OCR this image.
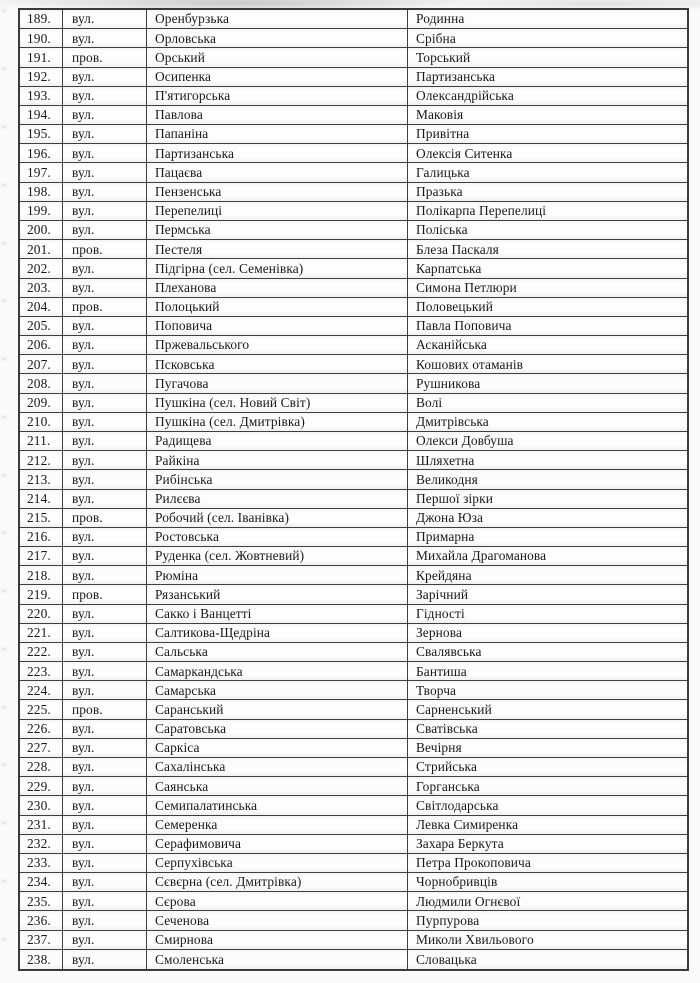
189.	вул.	Оренбурзька	Родинна
190.	вул.	Орловська	Срібна
191.	пров.	Орський	Торський
192.	вул.	Осипенка	Партизанська
193.	вул.	П'ятигорська	Олександрійська
194.	вул.	Павлова	Маковія
195.	вул.	Папаніна	Привітна
196.	вул.	Партизанська	Олексія Ситенка
197.	вул.	Пацаєва	Галицька
198.	вул.	Пензенська	Празька
199.	вул.	Перепелиці	Полікарпа Перепелиці
200.	вул.	Пермська	Поліська
201.	пров.	Пестеля	Блеза Паскаля
202.	вул.	Підгірна (сел. Семенівка)	Карпатська
203.	вул.	Плеханова	Симона Петлюри
204.	пров.	Полоцький	Половецький
205.	вул.	Поповича	Павла Поповича
206.	вул.	Пржевальського	Асканійська
207.	вул.	Псковська	Кошових отаманів
208.	вул.	Пугачова	Рушникова
209.	вул.	Пушкіна (сел. Новий Світ)	Волі
210.	вул.	Пушкіна (сел. Дмитрівка)	Дмитрівська
211.	вул.	Радищева	Олекси Довбуша
212.	вул.	Райкіна	Шляхетна
213.	вул.	Рибінська	Великодня
214.	вул.	Рилєєва	Першої зірки
215.	пров.	Робочий (сел. Іванівка)	Джона Юза
216.	вул.	Ростовська	Примарна
217.	вул.	Руденка (сел. Жовтневий)	Михайла Драгоманова
218.	вул.	Рюміна	Крейдяна
219.	пров.	Рязанський	Зарічний
220.	вул.	Сакко і Ванцетті	Гідності
221.	вул.	Салтикова-Щедріна	Зернова
222.	вул.	Сальська	Свалявська
223.	вул.	Самаркандська	Бантиша
224.	вул.	Самарська	Творча
225.	пров.	Саранський	Сарненський
226.	вул.	Саратовська	Сватівська
227.	вул.	Саркіса	Вечірня
228.	вул.	Сахалінська	Стрийська
229.	вул.	Саянська	Горганська
230.	вул.	Семипалатинська	Світлодарська
231.	вул.	Семеренка	Левка Симиренка
232.	вул.	Серафимовича	Захара Беркута
233.	вул.	Серпухівська	Петра Прокоповича
234.	вул.	Сєвєрна (сел. Дмитрівка)	Чорнобривців
235.	вул.	Сєрова	Людмили Огнєвої
236.	вул.	Сеченова	Пурпурова
237.	вул.	Смирнова	Миколи Хвильового
238.	вул.	Смоленська	Словацька
